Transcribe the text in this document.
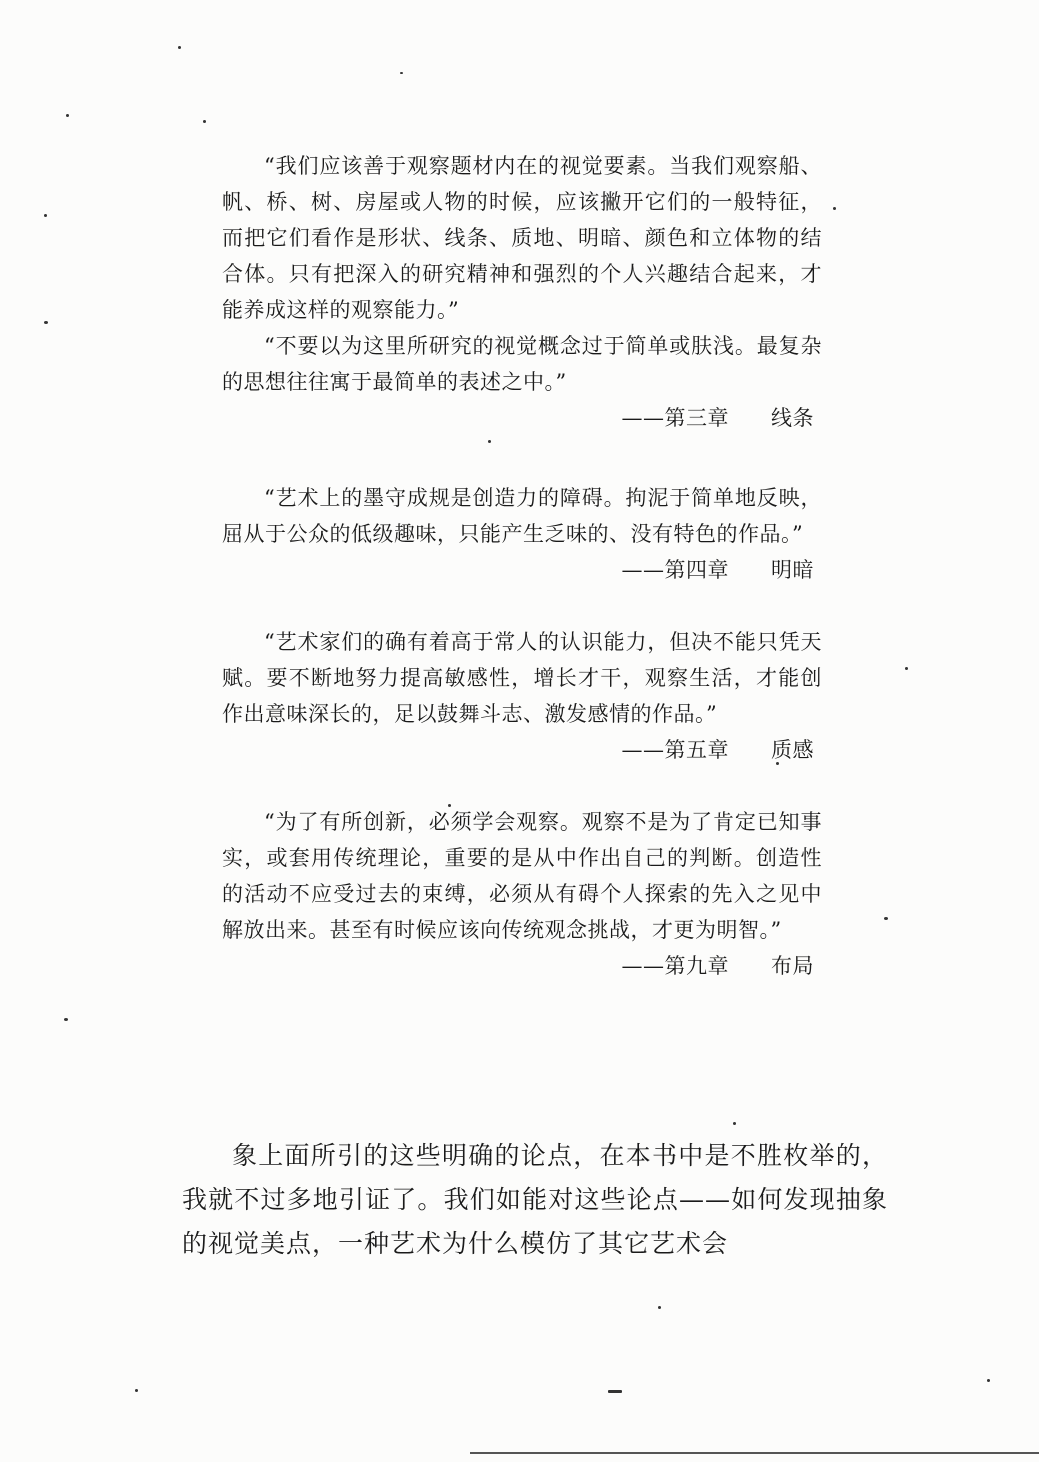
“我们应该善于观察题材内在的视觉要素。当我们观察船、帆、桥、树、房屋或人物的时候，应该撇开它们的一般特征，而把它们看作是形状、线条、质地、明暗、颜色和立体物的结合体。只有把深入的研究精神和强烈的个人兴趣结合起来，才能养成这样的观察能力。”

“不要以为这里所研究的视觉概念过于简单或肤浅。最复杂的思想往往寓于最简单的表述之中。”

——第三章 线条

“艺术上的墨守成规是创造力的障碍。拘泥于简单地反映，屈从于公众的低级趣味，只能产生乏味的、没有特色的作品。”

——第四章 明暗

“艺术家们的确有着高于常人的认识能力，但决不能只凭天赋。要不断地努力提高敏感性，增长才干，观察生活，才能创作出意味深长的，足以鼓舞斗志、激发感情的作品。”

——第五章 质感

“为了有所创新，必须学会观察。观察不是为了肯定已知事实，或套用传统理论，重要的是从中作出自己的判断。创造性的活动不应受过去的束缚，必须从有碍个人探索的先入之见中解放出来。甚至有时候应该向传统观念挑战，才更为明智。”

——第九章 布局

象上面所引的这些明确的论点，在本书中是不胜枚举的，我就不过多地引证了。我们如能对这些论点——如何发现抽象的视觉美点，一种艺术为什么模仿了其它艺术会
